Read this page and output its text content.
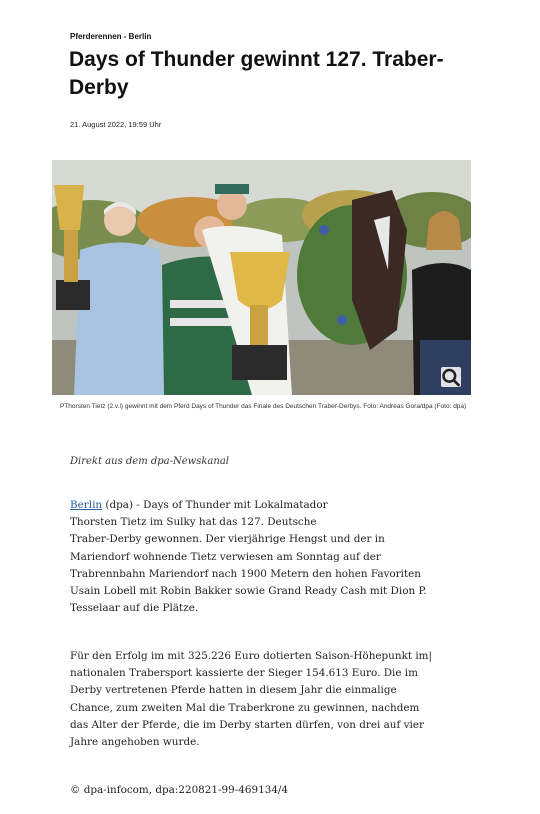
Pferderennen - Berlin
Days of Thunder gewinnt 127. Traber-Derby
21. August 2022, 19:59 Uhr
PThorsten Tietz (2.v.l) gewinnt mit dem Pferd Days of Thunder das Finale des Deutschen Traber-Derbys. Foto: Andreas Gora/dpa (Foto: dpa)
Direkt aus dem dpa-Newskanal

Berlin (dpa) - Days of Thunder mit Lokalmatador
Thorsten Tietz im Sulky hat das 127. Deutsche
Traber-Derby gewonnen. Der vierjährige Hengst und der in
Mariendorf wohnende Tietz verwiesen am Sonntag auf der
Trabrennbahn Mariendorf nach 1900 Metern den hohen Favoriten
Usain Lobell mit Robin Bakker sowie Grand Ready Cash mit Dion P.
Tesselaar auf die Plätze.

Für den Erfolg im mit 325.226 Euro dotierten Saison-Höhepunkt im|
nationalen Trabersport kassierte der Sieger 154.613 Euro. Die im
Derby vertretenen Pferde hatten in diesem Jahr die einmalige
Chance, zum zweiten Mal die Traberkrone zu gewinnen, nachdem
das Alter der Pferde, die im Derby starten dürfen, von drei auf vier
Jahre angehoben wurde.

© dpa-infocom, dpa:220821-99-469134/4
